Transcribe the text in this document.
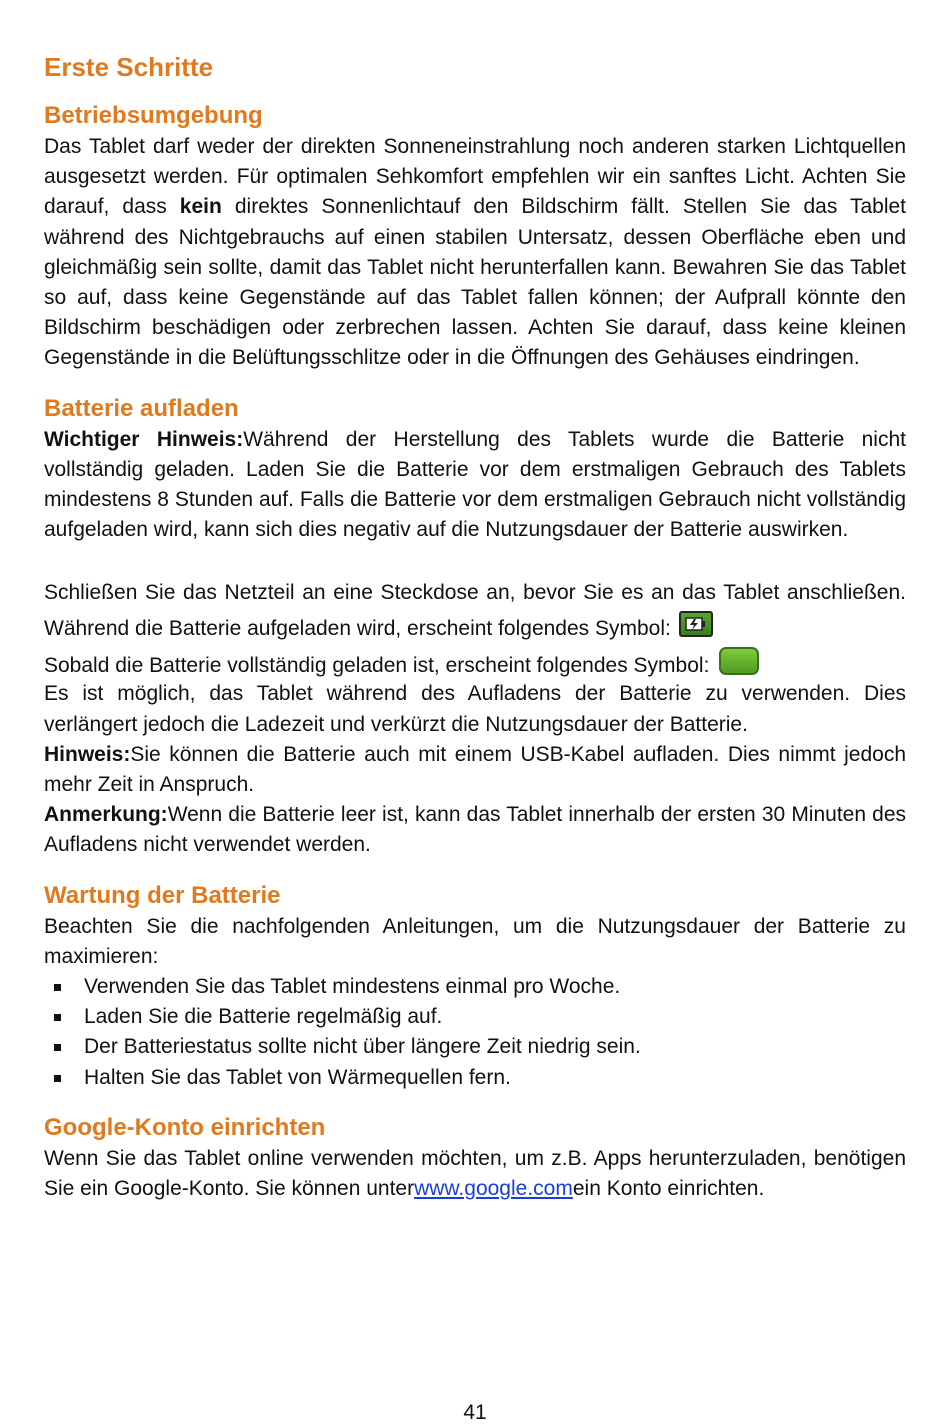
Erste Schritte
Betriebsumgebung

Das Tablet darf weder der direkten Sonneneinstrahlung noch anderen starken Lichtquellen ausgesetzt werden. Für optimalen Sehkomfort empfehlen wir ein sanftes Licht. Achten Sie darauf, dass kein direktes Sonnenlichtauf den Bildschirm fällt. Stellen Sie das Tablet während des Nichtgebrauchs auf einen stabilen Untersatz, dessen Oberfläche eben und gleichmäßig sein sollte, damit das Tablet nicht herunterfallen kann. Bewahren Sie das Tablet so auf, dass keine Gegenstände auf das Tablet fallen können; der Aufprall könnte den Bildschirm beschädigen oder zerbrechen lassen. Achten Sie darauf, dass keine kleinen Gegenstände in die Belüftungsschlitze oder in die Öffnungen des Gehäuses eindringen.

Batterie aufladen

Wichtiger Hinweis:Während der Herstellung des Tablets wurde die Batterie nicht vollständig geladen. Laden Sie die Batterie vor dem erstmaligen Gebrauch des Tablets mindestens 8 Stunden auf. Falls die Batterie vor dem erstmaligen Gebrauch nicht vollständig aufgeladen wird, kann sich dies negativ auf die Nutzungsdauer der Batterie auswirken.

Schließen Sie das Netzteil an eine Steckdose an, bevor Sie es an das Tablet anschließen. Während die Batterie aufgeladen wird, erscheint folgendes Symbol:

Sobald die Batterie vollständig geladen ist, erscheint folgendes Symbol:

Es ist möglich, das Tablet während des Aufladens der Batterie zu verwenden. Dies verlängert jedoch die Ladezeit und verkürzt die Nutzungsdauer der Batterie.

Hinweis:Sie können die Batterie auch mit einem USB-Kabel aufladen. Dies nimmt jedoch mehr Zeit in Anspruch.

Anmerkung:Wenn die Batterie leer ist, kann das Tablet innerhalb der ersten 30 Minuten des Aufladens nicht verwendet werden.

Wartung der Batterie

Beachten Sie die nachfolgenden Anleitungen, um die Nutzungsdauer der Batterie zu maximieren:

Verwenden Sie das Tablet mindestens einmal pro Woche.
Laden Sie die Batterie regelmäßig auf.
Der Batteriestatus sollte nicht über längere Zeit niedrig sein.
Halten Sie das Tablet von Wärmequellen fern.
Google-Konto einrichten

Wenn Sie das Tablet online verwenden möchten, um z.B. Apps herunterzuladen, benötigen Sie ein Google-Konto. Sie können unterwww.google.comein Konto einrichten.

41
